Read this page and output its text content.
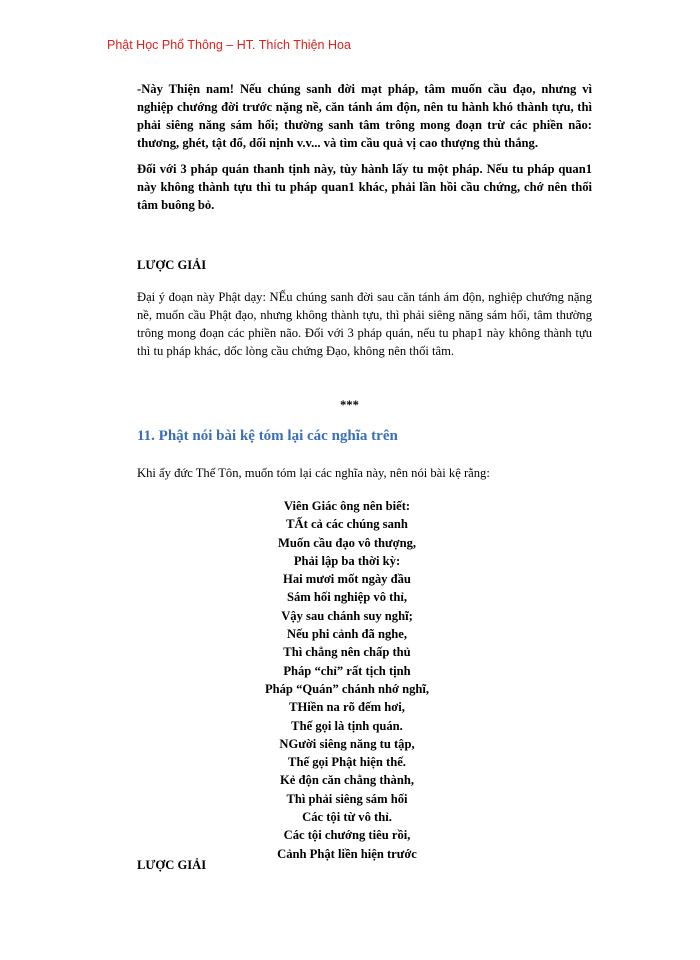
Phật Học Phổ Thông – HT. Thích Thiện Hoa
-Này Thiện nam! Nếu chúng sanh đời mạt pháp, tâm muốn cầu đạo, nhưng vì nghiệp chướng đời trước nặng nề, căn tánh ám độn, nên tu hành khó thành tựu, thì phải siêng năng sám hối; thường sanh tâm trông mong đoạn trừ các phiền não: thương, ghét, tật đố, dối nịnh v.v... và tìm cầu quả vị cao thượng thù thắng.
Đối với 3 pháp quán thanh tịnh này, tùy hành lấy tu một pháp. Nếu tu pháp quan1 này không thành tựu thì tu pháp quan1 khác, phải lần hồi cầu chứng, chớ nên thối tâm buông bỏ.
LƯỢC GIẢI
Đại ý đoạn này Phật dạy: NẾu chúng sanh đời sau căn tánh ám độn, nghiệp chướng nặng nề, muốn cầu Phật đạo, nhưng không thành tựu, thì phải siêng năng sám hối, tâm thường trông mong đoạn các phiền não. Đối với 3 pháp quán, nếu tu phap1 này không thành tựu thì tu pháp khác, dốc lòng cầu chứng Đạo, không nên thối tâm.
***
11. Phật nói bài kệ tóm lại các nghĩa trên
Khi ấy đức Thế Tôn, muốn tóm lại các nghĩa này, nên nói bài kệ rằng:
Viên Giác ông nên biết:
TẤt cả các chúng sanh
Muốn cầu đạo vô thượng,
Phải lập ba thời kỳ:
Hai mươi mốt ngày đầu
Sám hối nghiệp vô thỉ,
Vậy sau chánh suy nghĩ;
Nếu phi cảnh đã nghe,
Thì chẳng nên chấp thủ
Pháp “chỉ” rất tịch tịnh
Pháp “Quán” chánh nhớ nghĩ,
THiền na rõ đếm hơi,
Thế gọi là tịnh quán.
NGười siêng năng tu tập,
Thế gọi Phật hiện thế.
Kẻ độn căn chẳng thành,
Thì phải siêng sám hối
Các tội từ vô thỉ.
Các tội chướng tiêu rồi,
Cảnh Phật liền hiện trước
LƯỢC GIẢI
